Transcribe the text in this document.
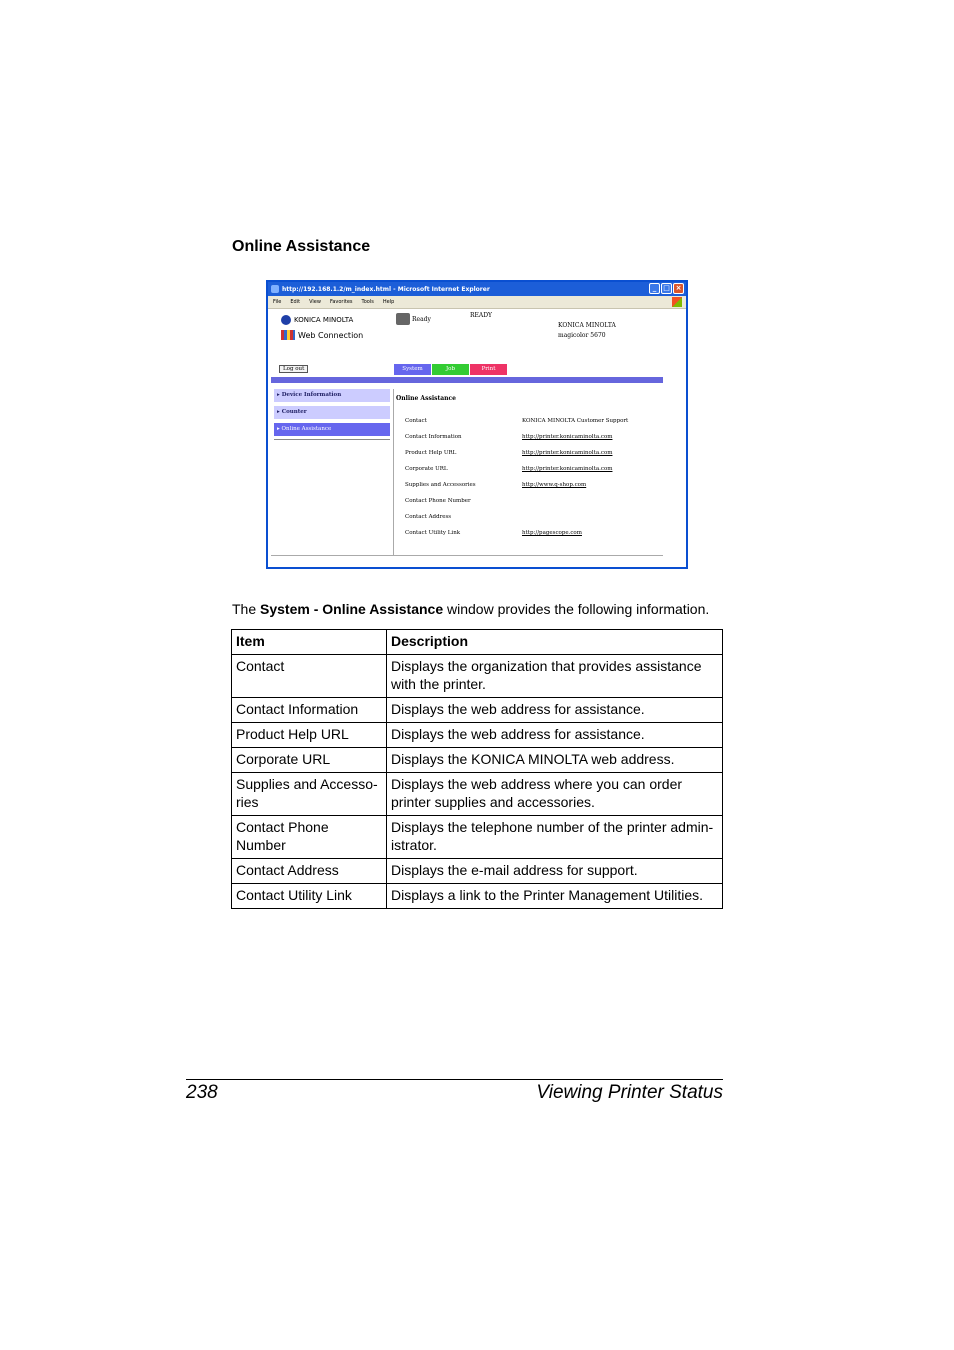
Online Assistance
http://192.168.1.2/m_index.html - Microsoft Internet Explorer	_ □ ×
File Edit View Favorites Tools Help
KONICA MINOLTA
Web Connection
Ready
READY
KONICA MINOLTA
magicolor 5670
Log out	System	Job	Print
▸ Device Information
▸ Counter
▸ Online Assistance
Online Assistance
Contact	KONICA MINOLTA Customer Support
Contact Information	http://printer.konicaminolta.com
Product Help URL	http://printer.konicaminolta.com
Corporate URL	http://printer.konicaminolta.com
Supplies and Accessories	http://www.q-shop.com
Contact Phone Number
Contact Address
Contact Utility Link	http://pagescope.com
The System - Online Assistance window provides the following information.
Item	Description
Contact	Displays the organization that provides assistance with the printer.
Contact Information	Displays the web address for assistance.
Product Help URL	Displays the web address for assistance.
Corporate URL	Displays the KONICA MINOLTA web address.
Supplies and Accesso-ries	Displays the web address where you can order printer supplies and accessories.
Contact Phone Number	Displays the telephone number of the printer admin-istrator.
Contact Address	Displays the e-mail address for support.
Contact Utility Link	Displays a link to the Printer Management Utilities.
238	Viewing Printer Status
